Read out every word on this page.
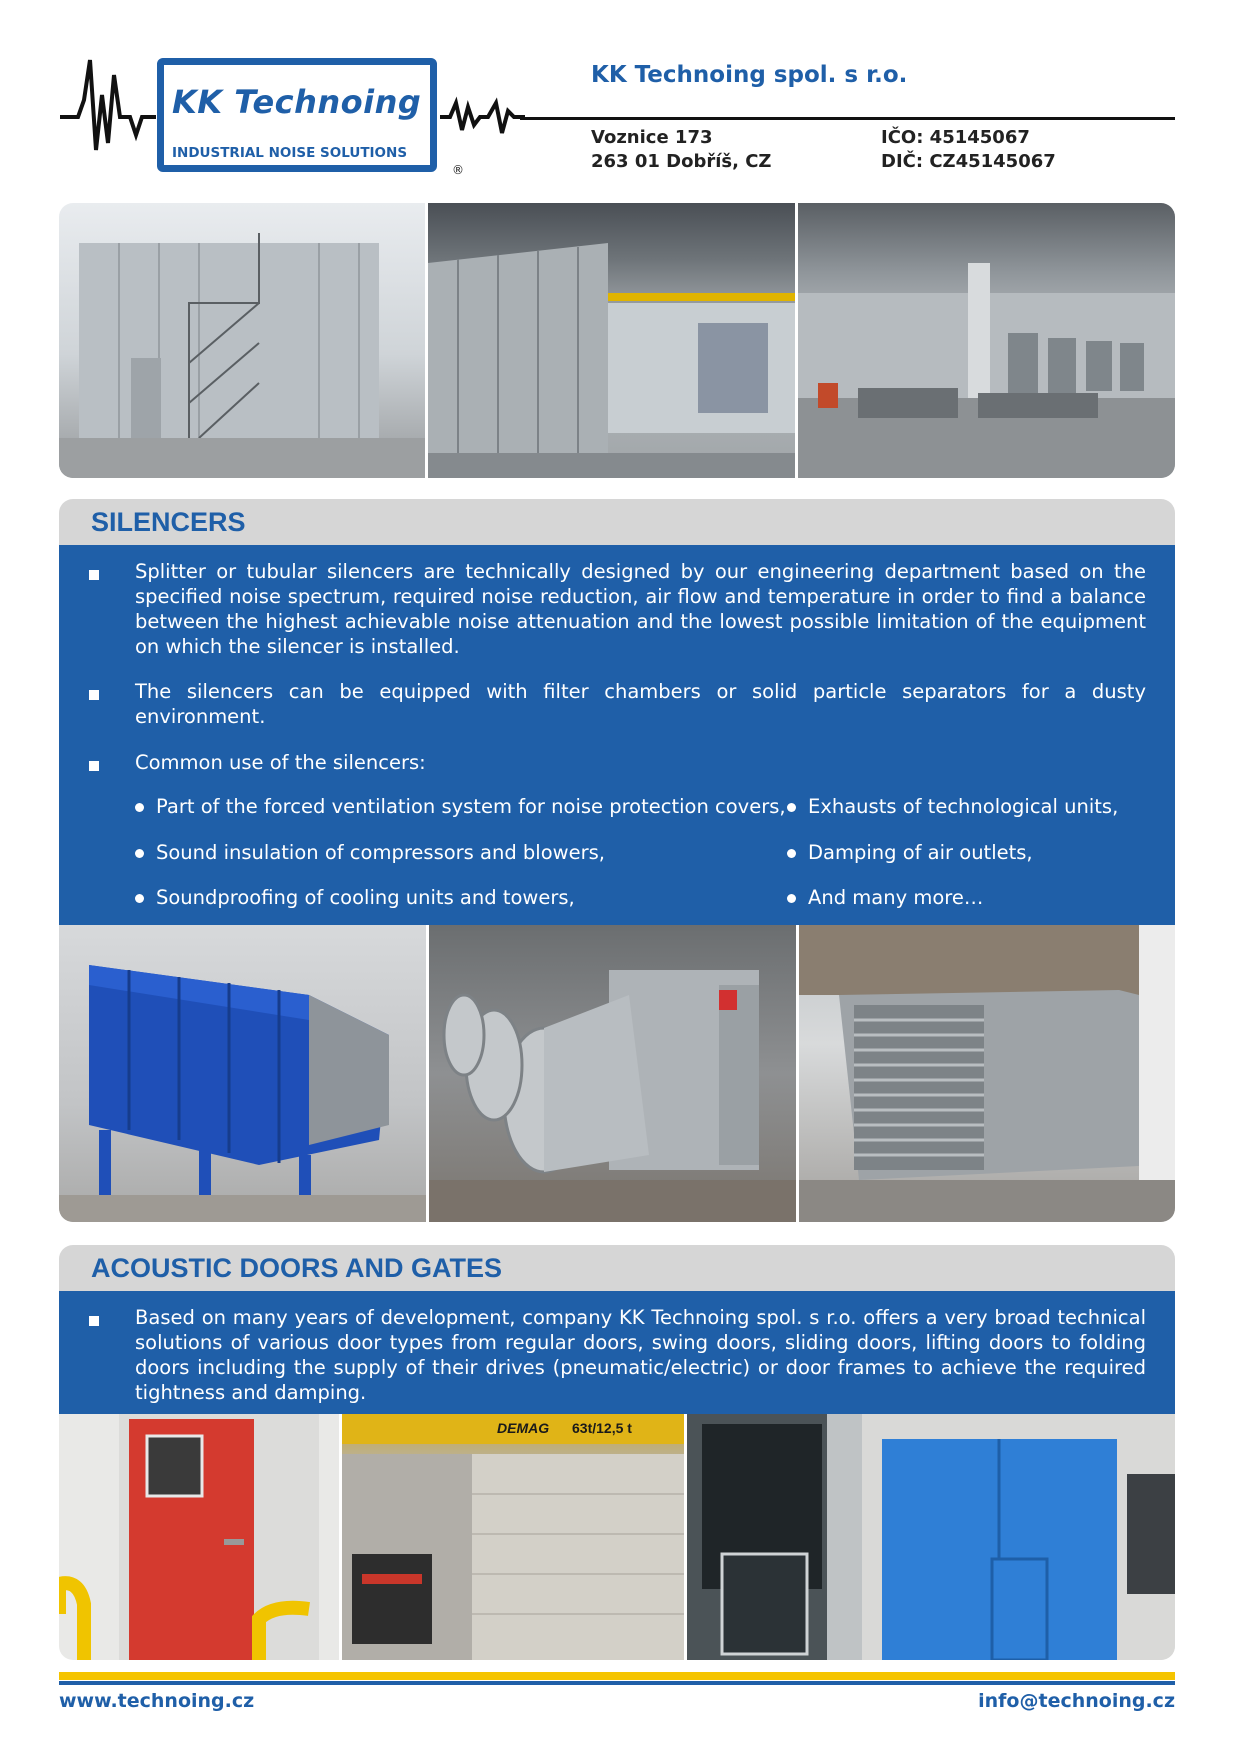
KK Technoing
INDUSTRIAL NOISE SOLUTIONS
®
KK Technoing spol. s r.o.
Voznice 173
263 01 Dobříš, CZ
IČO: 45145067
DIČ: CZ45145067
SILENCERS
Splitter or tubular silencers are technically designed by our engineering department based on the specified noise spectrum, required noise reduction, air flow and temperature in order to find a balance between the highest achievable noise attenuation and the lowest possible limitation of the equipment on which the silencer is installed.
The silencers can be equipped with filter chambers or solid particle separators for a dusty environment.
Common use of the silencers:
Part of the forced ventilation system for noise protection covers,	Exhausts of technological units,
Sound insulation of compressors and blowers,	Damping of air outlets,
Soundproofing of cooling units and towers,	And many more…
ACOUSTIC DOORS AND GATES
Based on many years of development, company KK Technoing spol. s r.o. offers a very broad technical solutions of various door types from regular doors, swing doors, sliding doors, lifting doors to folding doors including the supply of their drives (pneumatic/electric) or door frames to achieve the required tightness and damping.
DEMAG 63t/12,5 t
www.technoing.cz	info@technoing.cz
